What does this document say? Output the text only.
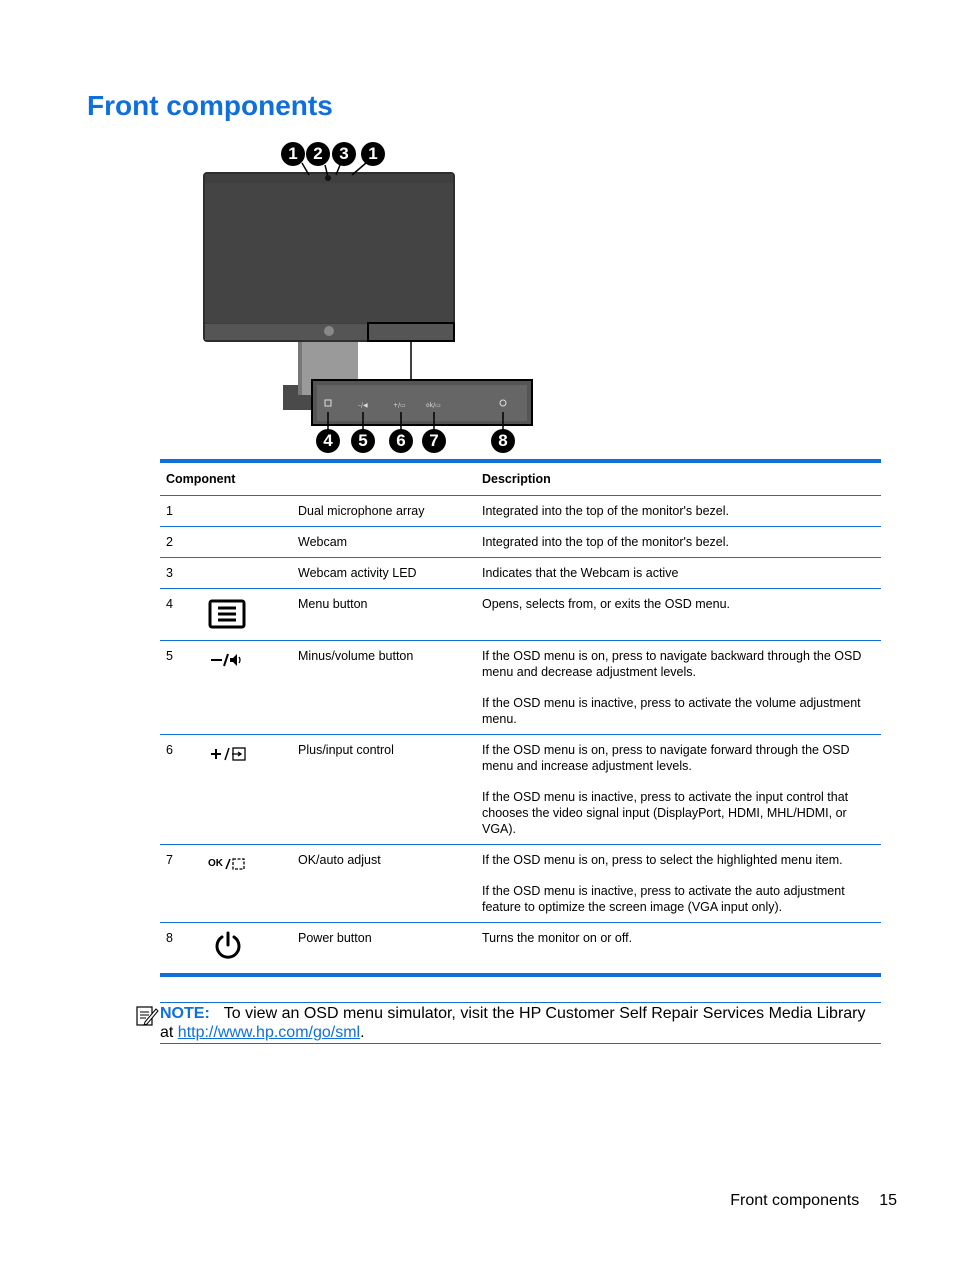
Front components
–/◀	+/▭	ok/▭
1 2 3	1
4	5	6	7	8
Component			Description
1		Dual microphone array	Integrated into the top of the monitor's bezel.

2		Webcam	Integrated into the top of the monitor's bezel.

3		Webcam activity LED	Indicates that the Webcam is active

4		Menu button	Opens, selects from, or exits the OSD menu.

5		Minus/volume button	If the OSD menu is on, press to navigate backward through the OSD menu and decrease adjustment levels.

If the OSD menu is inactive, press to activate the volume adjustment menu.

6		Plus/input control	If the OSD menu is on, press to navigate forward through the OSD menu and increase adjustment levels.

If the OSD menu is inactive, press to activate the input control that chooses the video signal input (DisplayPort, HDMI, MHL/HDMI, or VGA).

7	OK	OK/auto adjust	If the OSD menu is on, press to select the highlighted menu item.

If the OSD menu is inactive, press to activate the auto adjustment feature to optimize the screen image (VGA input only).

8		Power button	Turns the monitor on or off.

NOTE: To view an OSD menu simulator, visit the HP Customer Self Repair Services Media Library at http://www.hp.com/go/sml.
Front components 15
